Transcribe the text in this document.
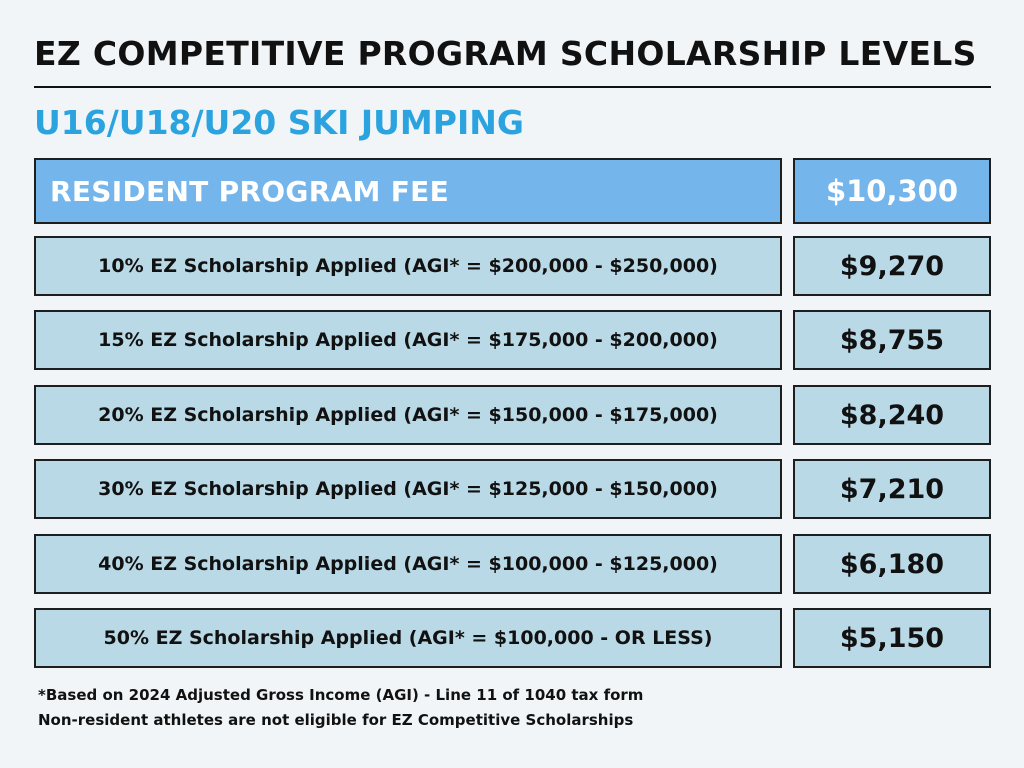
EZ COMPETITIVE PROGRAM SCHOLARSHIP LEVELS
U16/U18/U20 SKI JUMPING
RESIDENT PROGRAM FEE	$10,300
10% EZ Scholarship Applied (AGI* = $200,000 - $250,000)	$9,270
15% EZ Scholarship Applied (AGI* = $175,000 - $200,000)	$8,755
20% EZ Scholarship Applied (AGI* = $150,000 - $175,000)	$8,240
30% EZ Scholarship Applied (AGI* = $125,000 - $150,000)	$7,210
40% EZ Scholarship Applied (AGI* = $100,000 - $125,000)	$6,180
50% EZ Scholarship Applied (AGI* = $100,000 - OR LESS)	$5,150
*Based on 2024 Adjusted Gross Income (AGI) - Line 11 of 1040 tax form
Non-resident athletes are not eligible for EZ Competitive Scholarships
